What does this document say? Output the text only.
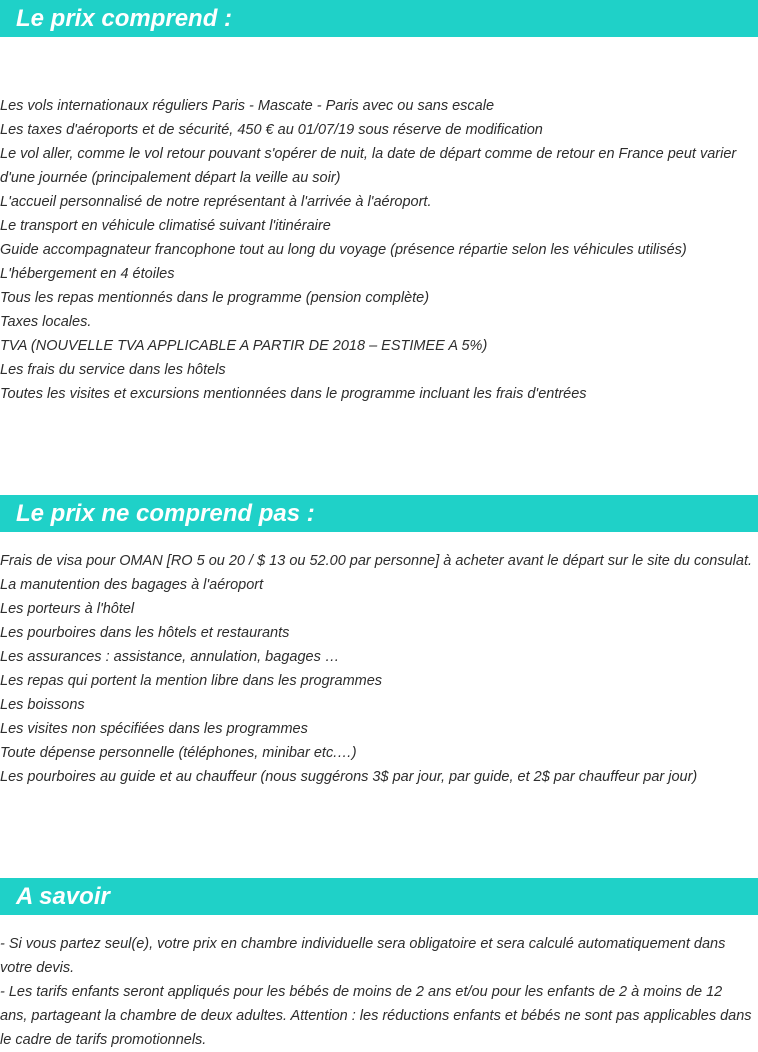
Le prix comprend :
Les vols internationaux réguliers Paris - Mascate - Paris avec ou sans escale
Les taxes d'aéroports et de sécurité, 450 € au 01/07/19 sous réserve de modification
Le vol aller, comme le vol retour pouvant s'opérer de nuit, la date de départ comme de retour en France peut varier d'une journée (principalement départ la veille au soir)
L'accueil personnalisé de notre représentant à l'arrivée à l'aéroport.
Le transport en véhicule climatisé suivant l'itinéraire
Guide accompagnateur francophone tout au long du voyage (présence répartie selon les véhicules utilisés)
L'hébergement en 4 étoiles
Tous les repas mentionnés dans le programme (pension complète)
Taxes locales.
TVA (NOUVELLE TVA APPLICABLE A PARTIR DE 2018 – ESTIMEE A 5%)
Les frais du service dans les hôtels
Toutes les visites et excursions mentionnées dans le programme incluant les frais d'entrées
Le prix ne comprend pas :
Frais de visa pour OMAN [RO 5 ou 20 / $ 13 ou 52.00 par personne] à acheter avant le départ sur le site du consulat.
La manutention des bagages à l'aéroport
Les porteurs à l'hôtel
Les pourboires dans les hôtels et restaurants
Les assurances : assistance, annulation, bagages …
Les repas qui portent la mention libre dans les programmes
Les boissons
Les visites non spécifiées dans les programmes
Toute dépense personnelle (téléphones, minibar etc.…)
Les pourboires au guide et au chauffeur (nous suggérons 3$ par jour, par guide, et 2$ par chauffeur par jour)
A savoir

- Si vous partez seul(e), votre prix en chambre individuelle sera obligatoire et sera calculé automatiquement dans votre devis.

- Les tarifs enfants seront appliqués pour les bébés de moins de 2 ans et/ou pour les enfants de 2 à moins de 12 ans, partageant la chambre de deux adultes. Attention : les réductions enfants et bébés ne sont pas applicables dans le cadre de tarifs promotionnels.
